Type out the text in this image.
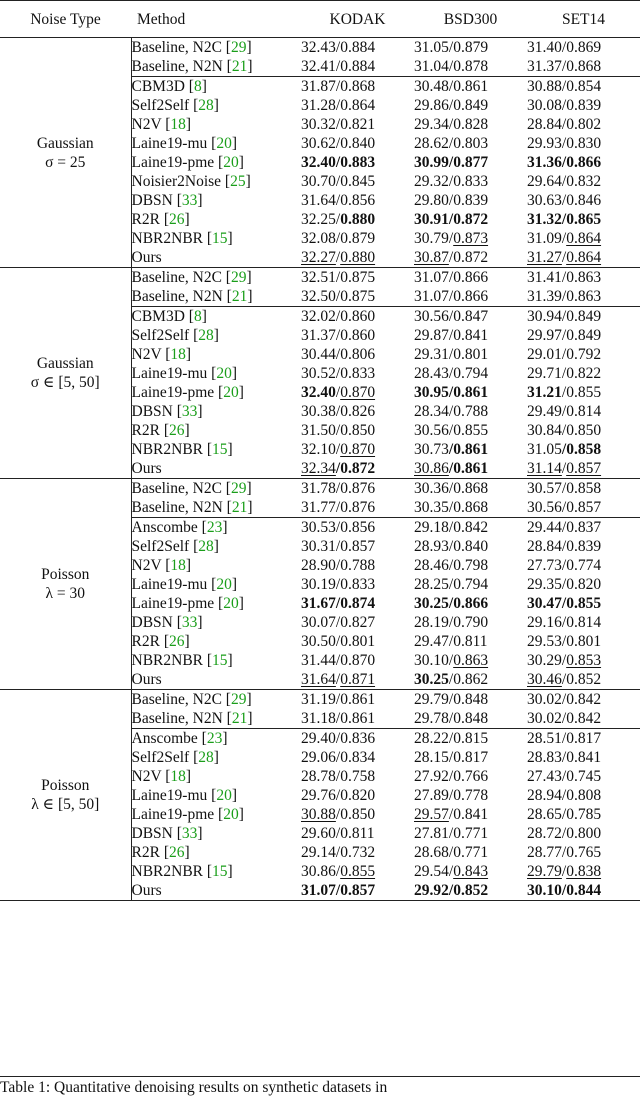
Noise Type	Method	KODAK	BSD300	SET14

Gaussian
σ = 25	Baseline, N2C [29]	32.43/0.884	31.05/0.879	31.40/0.869
	Baseline, N2N [21]	32.41/0.884	31.04/0.878	31.37/0.868
	CBM3D [8]	31.87/0.868	30.48/0.861	30.88/0.854
	Self2Self [28]	31.28/0.864	29.86/0.849	30.08/0.839
	N2V [18]	30.32/0.821	29.34/0.828	28.84/0.802
	Laine19-mu [20]	30.62/0.840	28.62/0.803	29.93/0.830
	Laine19-pme [20]	32.40/0.883	30.99/0.877	31.36/0.866
	Noisier2Noise [25]	30.70/0.845	29.32/0.833	29.64/0.832
	DBSN [33]	31.64/0.856	29.80/0.839	30.63/0.846
	R2R [26]	32.25/0.880	30.91/0.872	31.32/0.865
	NBR2NBR [15]	32.08/0.879	30.79/0.873	31.09/0.864
	Ours	32.27/0.880	30.87/0.872	31.27/0.864

Gaussian
σ ∈ [5, 50]	Baseline, N2C [29]	32.51/0.875	31.07/0.866	31.41/0.863
	Baseline, N2N [21]	32.50/0.875	31.07/0.866	31.39/0.863
	CBM3D [8]	32.02/0.860	30.56/0.847	30.94/0.849
	Self2Self [28]	31.37/0.860	29.87/0.841	29.97/0.849
	N2V [18]	30.44/0.806	29.31/0.801	29.01/0.792
	Laine19-mu [20]	30.52/0.833	28.43/0.794	29.71/0.822
	Laine19-pme [20]	32.40/0.870	30.95/0.861	31.21/0.855
	DBSN [33]	30.38/0.826	28.34/0.788	29.49/0.814
	R2R [26]	31.50/0.850	30.56/0.855	30.84/0.850
	NBR2NBR [15]	32.10/0.870	30.73/0.861	31.05/0.858
	Ours	32.34/0.872	30.86/0.861	31.14/0.857

Poisson
λ = 30	Baseline, N2C [29]	31.78/0.876	30.36/0.868	30.57/0.858
	Baseline, N2N [21]	31.77/0.876	30.35/0.868	30.56/0.857
	Anscombe [23]	30.53/0.856	29.18/0.842	29.44/0.837
	Self2Self [28]	30.31/0.857	28.93/0.840	28.84/0.839
	N2V [18]	28.90/0.788	28.46/0.798	27.73/0.774
	Laine19-mu [20]	30.19/0.833	28.25/0.794	29.35/0.820
	Laine19-pme [20]	31.67/0.874	30.25/0.866	30.47/0.855
	DBSN [33]	30.07/0.827	28.19/0.790	29.16/0.814
	R2R [26]	30.50/0.801	29.47/0.811	29.53/0.801
	NBR2NBR [15]	31.44/0.870	30.10/0.863	30.29/0.853
	Ours	31.64/0.871	30.25/0.862	30.46/0.852

Poisson
λ ∈ [5, 50]	Baseline, N2C [29]	31.19/0.861	29.79/0.848	30.02/0.842
	Baseline, N2N [21]	31.18/0.861	29.78/0.848	30.02/0.842
	Anscombe [23]	29.40/0.836	28.22/0.815	28.51/0.817
	Self2Self [28]	29.06/0.834	28.15/0.817	28.83/0.841
	N2V [18]	28.78/0.758	27.92/0.766	27.43/0.745
	Laine19-mu [20]	29.76/0.820	27.89/0.778	28.94/0.808
	Laine19-pme [20]	30.88/0.850	29.57/0.841	28.65/0.785
	DBSN [33]	29.60/0.811	27.81/0.771	28.72/0.800
	R2R [26]	29.14/0.732	28.68/0.771	28.77/0.765
	NBR2NBR [15]	30.86/0.855	29.54/0.843	29.79/0.838
	Ours	31.07/0.857	29.92/0.852	30.10/0.844
Table 1: Quantitative denoising results on synthetic datasets in
